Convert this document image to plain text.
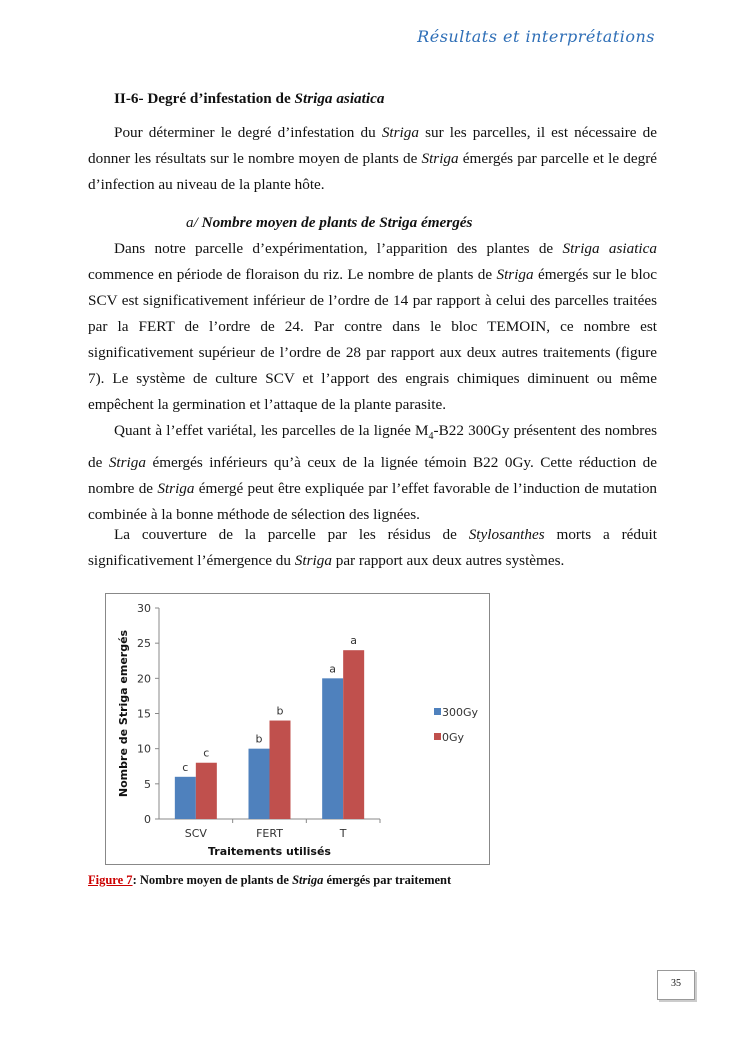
Résultats et interprétations
II-6- Degré d’infestation de Striga asiatica
Pour déterminer le degré d’infestation du Striga sur les parcelles, il est nécessaire de donner les résultats sur le nombre moyen de plants de Striga émergés par parcelle et le degré d’infection au niveau de la plante hôte.
a/ Nombre moyen de plants de Striga émergés
Dans notre parcelle d’expérimentation, l’apparition des plantes de Striga asiatica commence en période de floraison du riz. Le nombre de plants de Striga émergés sur le bloc SCV est significativement inférieur de l’ordre de 14 par rapport à celui des parcelles traitées par la FERT de l’ordre de 24. Par contre dans le bloc TEMOIN, ce nombre est significativement supérieur de l’ordre de 28 par rapport aux deux autres traitements (figure 7). Le système de culture SCV et l’apport des engrais chimiques diminuent ou même empêchent la germination et l’attaque de la plante parasite.
Quant à l’effet variétal, les parcelles de la lignée $M_4-B22$ 300Gy présentent des nombres de Striga émergés inférieurs qu’à ceux de la lignée témoin B22 0Gy. Cette réduction de nombre de Striga émergé peut être expliquée par l’effet favorable de l’induction de mutation combinée à la bonne méthode de sélection des lignées.
La couverture de la parcelle par les résidus de Stylosanthes morts a réduit significativement l’émergence du Striga par rapport aux deux autres systèmes.
0
5
10
15
20
25
30
SCV
c
c
FERT
b
b
T
a
a
Traitements utilisés
Nombre de Striga emergés	300Gy
0Gy
Figure 7: Nombre moyen de plants de Striga émergés par traitement
35
